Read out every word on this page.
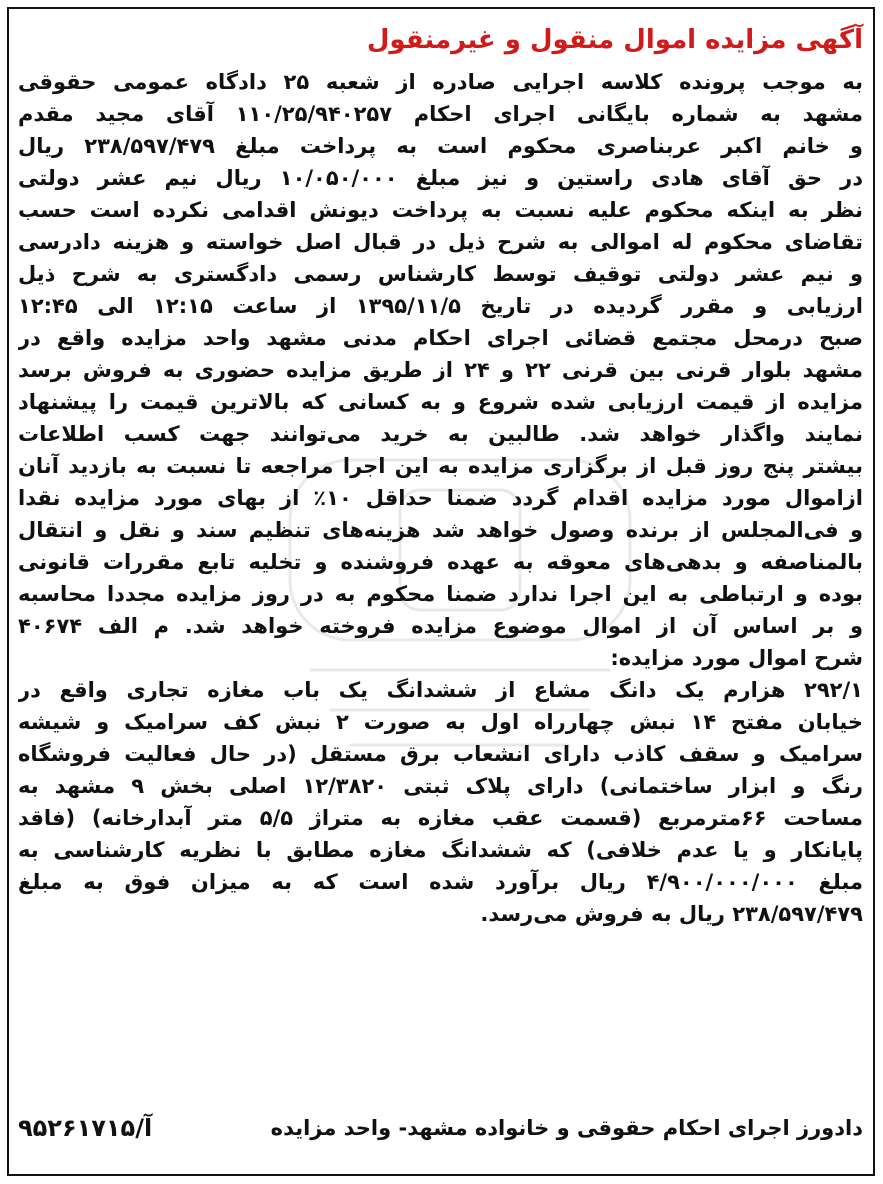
آگهی مزایده اموال منقول و غیرمنقول
به موجب پرونده کلاسه اجرایی صادره از شعبه ۲۵ دادگاه عمومی حقوقی
مشهد به شماره بایگانی اجرای احکام ۱۱۰/۲۵/۹۴۰۲۵۷ آقای مجید مقدم
و خانم اکبر عربناصری محکوم است به پرداخت مبلغ ۲۳۸/۵۹۷/۴۷۹ ریال
در حق آقای هادی راستین و نیز مبلغ ۱۰/۰۵۰/۰۰۰ ریال نیم عشر دولتی
نظر به اینکه محکوم علیه نسبت به پرداخت دیونش اقدامی نکرده است حسب
تقاضای محکوم له اموالی به شرح ذیل در قبال اصل خواسته و هزینه دادرسی
و نیم عشر دولتی توقیف توسط کارشناس رسمی دادگستری به شرح ذیل
ارزیابی و مقرر گردیده در تاریخ ۱۳۹۵/۱۱/۵ از ساعت ۱۲:۱۵ الی ۱۲:۴۵
صبح درمحل مجتمع قضائی اجرای احکام مدنی مشهد واحد مزایده واقع در
مشهد بلوار قرنی بین قرنی ۲۲ و ۲۴ از طریق مزایده حضوری به فروش برسد
مزایده از قیمت ارزیابی شده شروع و به کسانی که بالاترین قیمت را پیشنهاد
نمایند واگذار خواهد شد. طالبین به خرید می‌توانند جهت کسب اطلاعات
بیشتر پنج روز قبل از برگزاری مزایده به این اجرا مراجعه تا نسبت به بازدید آنان
ازاموال مورد مزایده اقدام گردد ضمنا حداقل ۱۰٪ از بهای مورد مزایده نقدا
و فی‌المجلس از برنده وصول خواهد شد هزینه‌های تنظیم سند و نقل و انتقال
بالمناصفه و بدهی‌های معوقه به عهده فروشنده و تخلیه تابع مقررات قانونی
بوده و ارتباطی به این اجرا ندارد ضمنا محکوم به در روز مزایده مجددا محاسبه
و بر اساس آن از اموال موضوع مزایده فروخته خواهد شد. م الف ۴۰۶۷۴
شرح اموال مورد مزایده:
۲۹۲/۱ هزارم یک دانگ مشاع از ششدانگ یک باب مغازه تجاری واقع در
خیابان مفتح ۱۴ نبش چهارراه اول به صورت ۲ نبش کف سرامیک و شیشه
سرامیک و سقف کاذب دارای انشعاب برق مستقل (در حال فعالیت فروشگاه
رنگ و ابزار ساختمانی) دارای پلاک ثبتی ۱۲/۳۸۲۰ اصلی بخش ۹ مشهد به
مساحت ۶۶مترمربع (قسمت عقب مغازه به متراژ ۵/۵ متر آبدارخانه) (فاقد
پایانکار و یا عدم خلافی) که ششدانگ مغازه مطابق با نظریه کارشناسی به
مبلغ ۴/۹۰۰/۰۰۰/۰۰۰ ریال برآورد شده است که به میزان فوق به مبلغ
۲۳۸/۵۹۷/۴۷۹ ریال به فروش می‌رسد.
دادورز اجرای احکام حقوقی و خانواده مشهد- واحد مزایده
آ/۹۵۲۶۱۷۱۵
